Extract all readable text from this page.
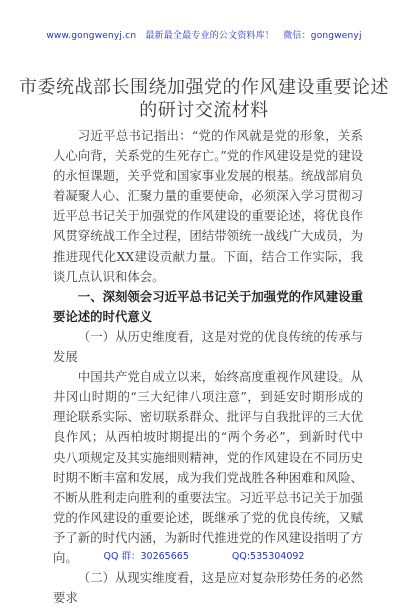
www.gongwenyj.cn 最新最全最专业的公文资料库！ 微信：gongwenyj
市委统战部长围绕加强党的作风建设重要论述
的研讨交流材料

习近平总书记指出：“党的作风就是党的形象，关系人心向背，关系党的生死存亡。”党的作风建设是党的建设的永恒课题，关乎党和国家事业发展的根基。统战部肩负着凝聚人心、汇聚力量的重要使命，必须深入学习贯彻习近平总书记关于加强党的作风建设的重要论述，将优良作风贯穿统战工作全过程，团结带领统一战线广大成员，为推进现代化XX建设贡献力量。下面，结合工作实际，我谈几点认识和体会。

一、深刻领会习近平总书记关于加强党的作风建设重要论述的时代意义

（一）从历史维度看，这是对党的优良传统的传承与发展

中国共产党自成立以来，始终高度重视作风建设。从井冈山时期的“三大纪律八项注意”，到延安时期形成的理论联系实际、密切联系群众、批评与自我批评的三大优良作风；从西柏坡时期提出的“两个务必”，到新时代中央八项规定及其实施细则精神，党的作风建设在不同历史时期不断丰富和发展，成为我们党战胜各种困难和风险、不断从胜利走向胜利的重要法宝。习近平总书记关于加强党的作风建设的重要论述，既继承了党的优良传统，又赋予了新的时代内涵，为新时代推进党的作风建设指明了方向。

（二）从现实维度看，这是应对复杂形势任务的必然要求

QQ 群：30265665	QQ:535304092
